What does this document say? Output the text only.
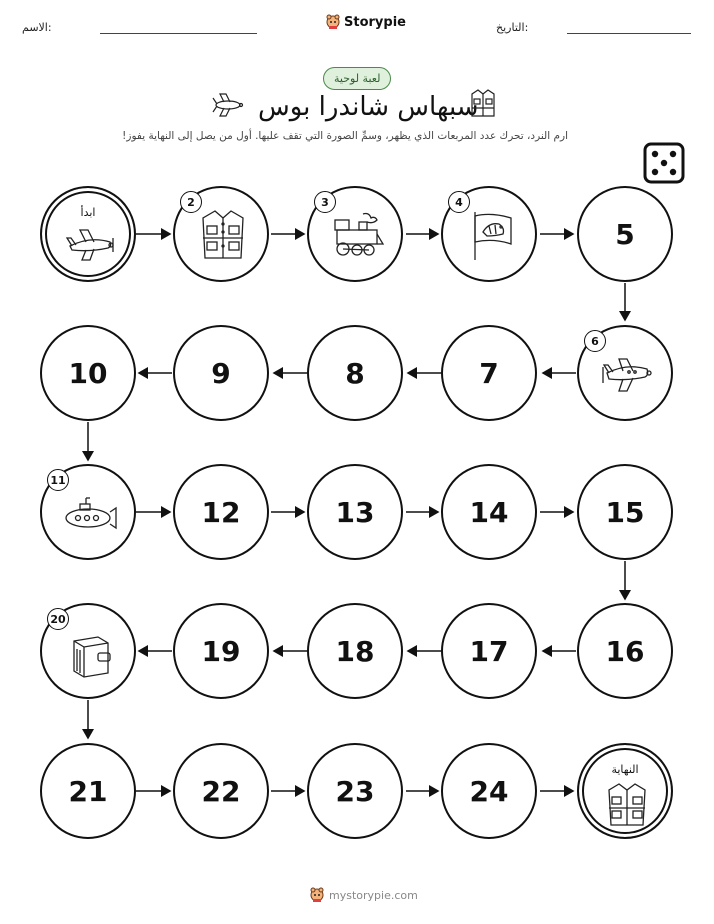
الاسم:	Storypie	التاريخ:
لعبة لوحية
سبهاس شاندرا بوس
ارم النرد، تحرك عدد المربعات الذي يظهر، وسمِّ الصورة التي تقف عليها. أول من يصل إلى النهاية يفوز!
ابدأ
2	3	4
5
10	9	8	7
6
11
12	13	14	15
20
19	18	17	16
21	22	23	24
النهاية
mystorypie.com
